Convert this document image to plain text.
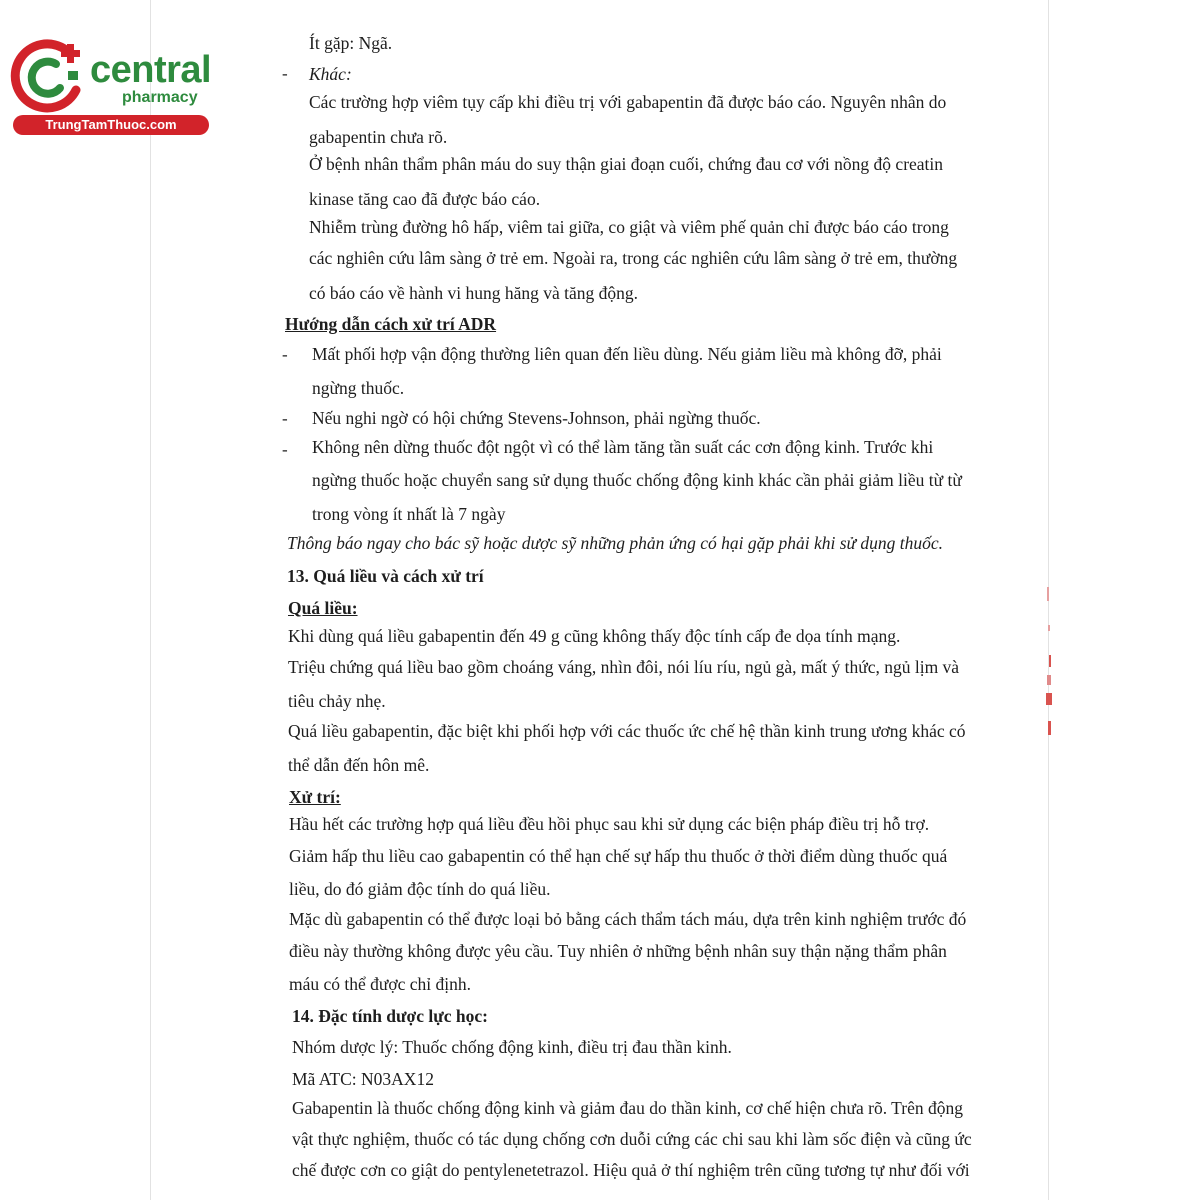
central
pharmacy
TrungTamThuoc.com
Ít gặp: Ngã.
- Khác:
Các trường hợp viêm tụy cấp khi điều trị với gabapentin đã được báo cáo. Nguyên nhân do
gabapentin chưa rõ.
Ở bệnh nhân thẩm phân máu do suy thận giai đoạn cuối, chứng đau cơ với nồng độ creatin
kinase tăng cao đã được báo cáo.
Nhiễm trùng đường hô hấp, viêm tai giữa, co giật và viêm phế quản chỉ được báo cáo trong
các nghiên cứu lâm sàng ở trẻ em. Ngoài ra, trong các nghiên cứu lâm sàng ở trẻ em, thường
có báo cáo về hành vi hung hăng và tăng động.
Hướng dẫn cách xử trí ADR
- Mất phối hợp vận động thường liên quan đến liều dùng. Nếu giảm liều mà không đỡ, phải
ngừng thuốc.
- Nếu nghi ngờ có hội chứng Stevens-Johnson, phải ngừng thuốc.
- Không nên dừng thuốc đột ngột vì có thể làm tăng tần suất các cơn động kinh. Trước khi
ngừng thuốc hoặc chuyển sang sử dụng thuốc chống động kinh khác cần phải giảm liều từ từ
trong vòng ít nhất là 7 ngày
Thông báo ngay cho bác sỹ hoặc dược sỹ những phản ứng có hại gặp phải khi sử dụng thuốc.
13. Quá liều và cách xử trí
Quá liều:
Khi dùng quá liều gabapentin đến 49 g cũng không thấy độc tính cấp đe dọa tính mạng.
Triệu chứng quá liều bao gồm choáng váng, nhìn đôi, nói líu ríu, ngủ gà, mất ý thức, ngủ lịm và
tiêu chảy nhẹ.
Quá liều gabapentin, đặc biệt khi phối hợp với các thuốc ức chế hệ thần kinh trung ương khác có
thể dẫn đến hôn mê.
Xử trí:
Hầu hết các trường hợp quá liều đều hồi phục sau khi sử dụng các biện pháp điều trị hỗ trợ.
Giảm hấp thu liều cao gabapentin có thể hạn chế sự hấp thu thuốc ở thời điểm dùng thuốc quá
liều, do đó giảm độc tính do quá liều.
Mặc dù gabapentin có thể được loại bỏ bằng cách thẩm tách máu, dựa trên kinh nghiệm trước đó
điều này thường không được yêu cầu. Tuy nhiên ở những bệnh nhân suy thận nặng thẩm phân
máu có thể được chỉ định.
14. Đặc tính dược lực học:
Nhóm dược lý: Thuốc chống động kinh, điều trị đau thần kinh.
Mã ATC: N03AX12
Gabapentin là thuốc chống động kinh và giảm đau do thần kinh, cơ chế hiện chưa rõ. Trên động
vật thực nghiệm, thuốc có tác dụng chống cơn duỗi cứng các chi sau khi làm sốc điện và cũng ức
chế được cơn co giật do pentylenetetrazol. Hiệu quả ở thí nghiệm trên cũng tương tự như đối với
